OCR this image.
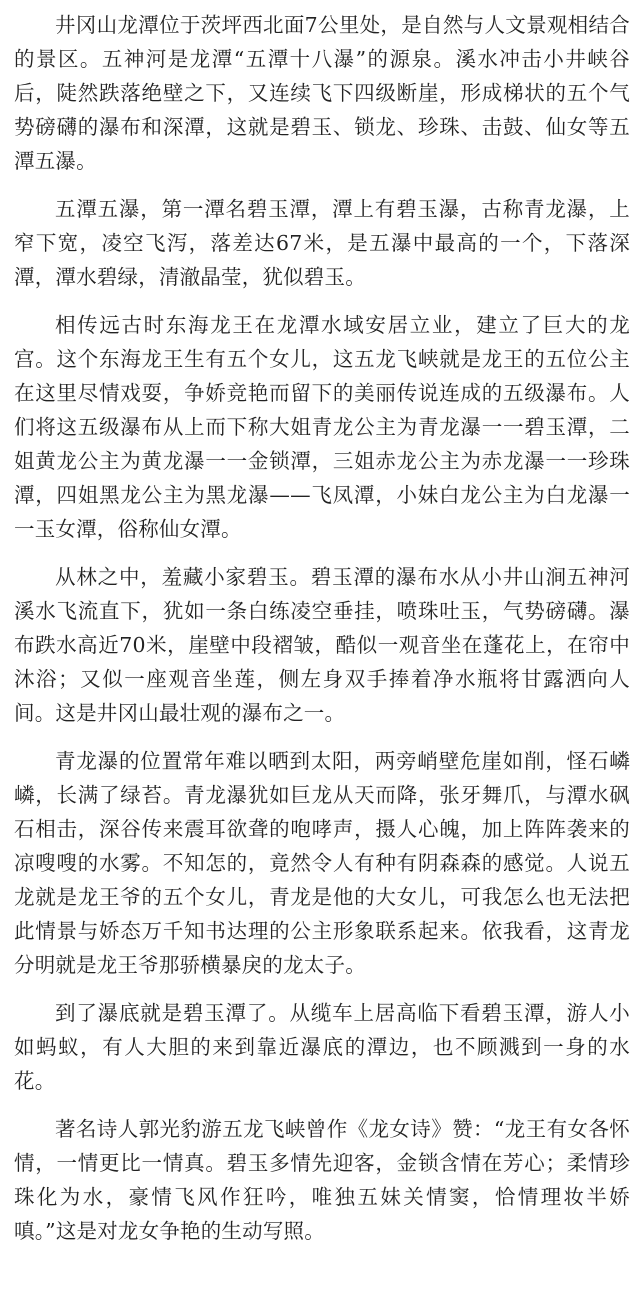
井冈山龙潭位于茨坪西北面7公里处，是自然与人文景观相结合的景区。五神河是龙潭“五潭十八瀑”的源泉。溪水冲击小井峡谷后，陡然跌落绝壁之下，又连续飞下四级断崖，形成梯状的五个气势磅礴的瀑布和深潭，这就是碧玉、锁龙、珍珠、击鼓、仙女等五潭五瀑。

五潭五瀑，第一潭名碧玉潭，潭上有碧玉瀑，古称青龙瀑，上窄下宽，凌空飞泻，落差达67米，是五瀑中最高的一个，下落深潭，潭水碧绿，清澈晶莹，犹似碧玉。

相传远古时东海龙王在龙潭水域安居立业，建立了巨大的龙宫。这个东海龙王生有五个女儿，这五龙飞峡就是龙王的五位公主在这里尽情戏耍，争娇竞艳而留下的美丽传说连成的五级瀑布。人们将这五级瀑布从上而下称大姐青龙公主为青龙瀑一一碧玉潭，二姐黄龙公主为黄龙瀑一一金锁潭，三姐赤龙公主为赤龙瀑一一珍珠潭，四姐黑龙公主为黑龙瀑——飞凤潭，小妹白龙公主为白龙瀑一一玉女潭，俗称仙女潭。

从林之中，羞藏小家碧玉。碧玉潭的瀑布水从小井山涧五神河溪水飞流直下，犹如一条白练凌空垂挂，喷珠吐玉，气势磅礴。瀑布跌水高近70米，崖壁中段褶皱，酷似一观音坐在蓬花上，在帘中沐浴；又似一座观音坐莲，侧左身双手捧着净水瓶将甘露洒向人间。这是井冈山最壮观的瀑布之一。

青龙瀑的位置常年难以晒到太阳，两旁峭壁危崖如削，怪石嶙嶙，长满了绿苔。青龙瀑犹如巨龙从天而降，张牙舞爪，与潭水砜石相击，深谷传来震耳欲聋的咆哮声，摄人心魄，加上阵阵袭来的凉嗖嗖的水雾。不知怎的，竟然令人有种有阴森森的感觉。人说五龙就是龙王爷的五个女儿，青龙是他的大女儿，可我怎么也无法把此情景与娇态万千知书达理的公主形象联系起来。依我看，这青龙分明就是龙王爷那骄横暴戾的龙太子。

到了瀑底就是碧玉潭了。从缆车上居高临下看碧玉潭，游人小如蚂蚁，有人大胆的来到靠近瀑底的潭边，也不顾溅到一身的水花。

著名诗人郭光豹游五龙飞峡曾作《龙女诗》赞：“龙王有女各怀情，一情更比一情真。碧玉多情先迎客，金锁含情在芳心；柔情珍珠化为水，豪情飞风作狂吟，唯独五妹关情窦，恰情理妆半娇嗔。”这是对龙女争艳的生动写照。
